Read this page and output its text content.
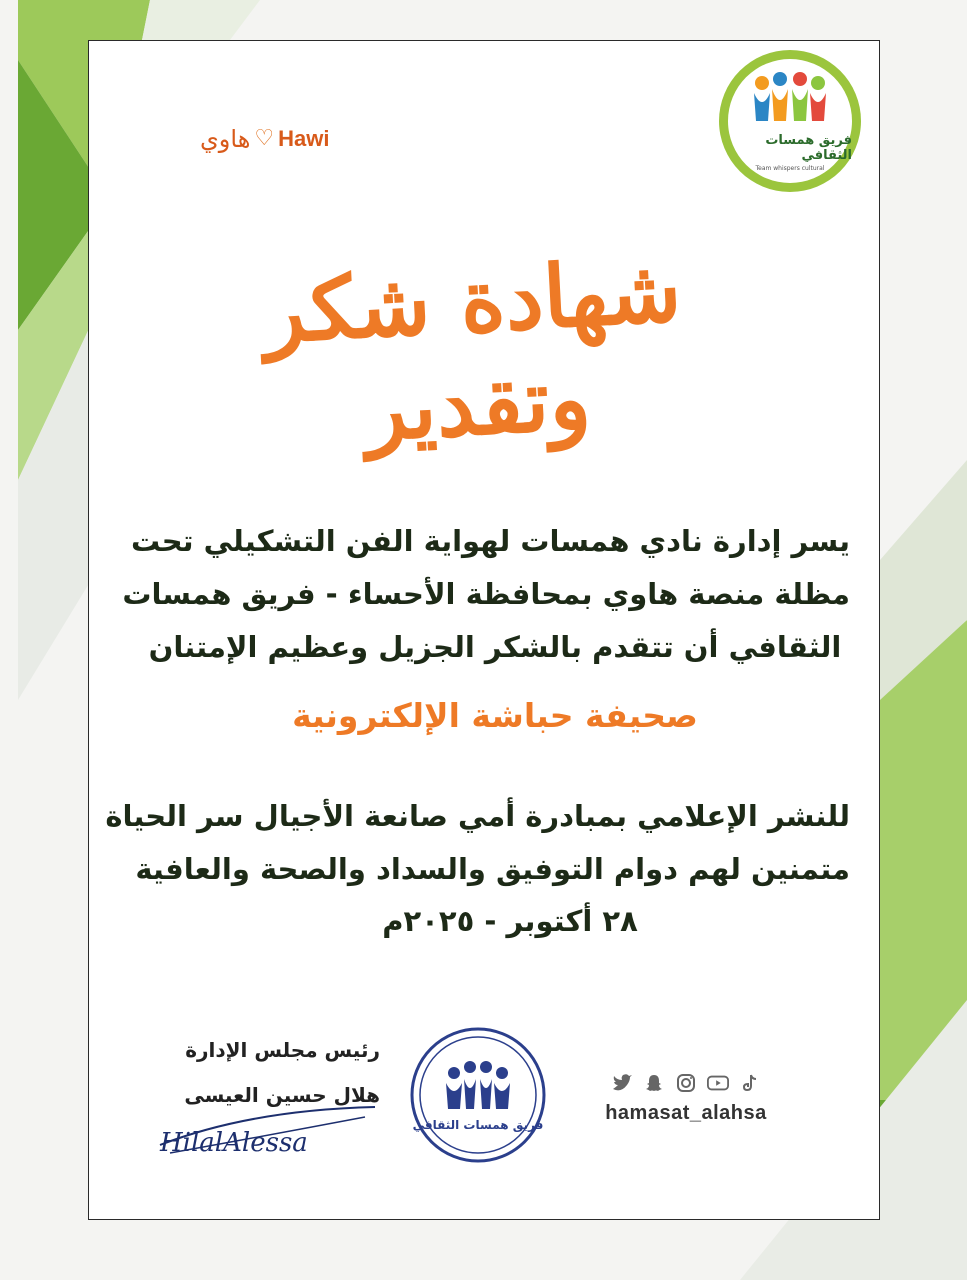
هاوي ♡ Hawi	فريق همسات الثقافي
Team whispers cultural
شهادة شكر وتقدير
يسر إدارة نادي همسات لهواية الفن التشكيلي تحت
مظلة منصة هاوي بمحافظة الأحساء - فريق همسات
الثقافي أن تتقدم بالشكر الجزيل وعظيم الإمتنان
صحيفة حباشة الإلكترونية
للنشر الإعلامي بمبادرة أمي صانعة الأجيال سر الحياة
متمنين لهم دوام التوفيق والسداد والصحة والعافية
٢٨ أكتوبر - ٢٠٢٥م
رئيس مجلس الإدارة
هلال حسين العيسى
HilalAlessa
فريق همسات الثقافي
hamasat_alahsa
